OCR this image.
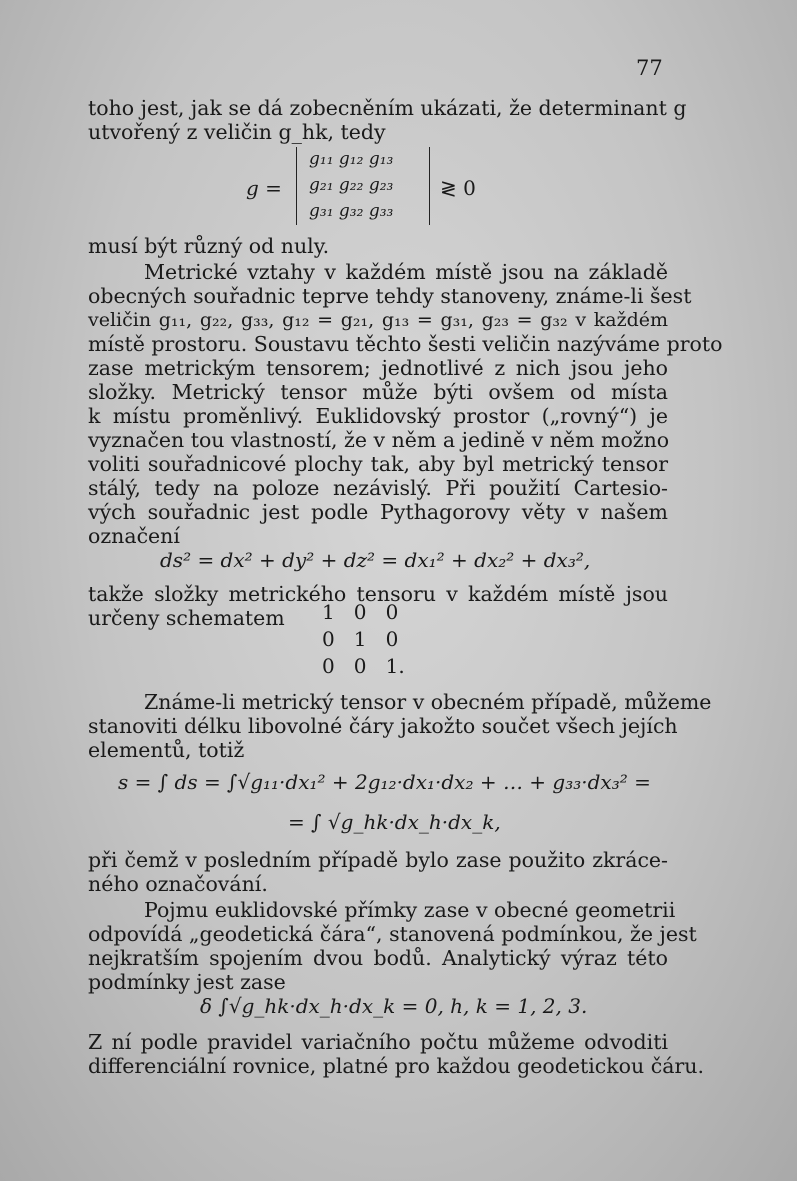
77
toho jest, jak se dá zobecněním ukázati, že determinant g
utvořený z veličin g_hk, tedy
g =
g₁₁ g₁₂ g₁₃
g₂₁ g₂₂ g₂₃
g₃₁ g₃₂ g₃₃
≷ 0
musí být různý od nuly.
Metrické vztahy v každém místě jsou na základě
obecných souřadnic teprve tehdy stanoveny, známe-li šest
veličin g₁₁, g₂₂, g₃₃, g₁₂ = g₂₁, g₁₃ = g₃₁, g₂₃ = g₃₂ v každém
místě prostoru. Soustavu těchto šesti veličin nazýváme proto
zase metrickým tensorem; jednotlivé z nich jsou jeho
složky. Metrický tensor může býti ovšem od místa
k místu proměnlivý. Euklidovský prostor („rovný“) je
vyznačen tou vlastností, že v něm a jedině v něm možno
voliti souřadnicové plochy tak, aby byl metrický tensor
stálý, tedy na poloze nezávislý. Při použití Cartesio-
vých souřadnic jest podle Pythagorovy věty v našem
označení
ds² = dx² + dy² + dz² = dx₁² + dx₂² + dx₃²,
takže složky metrického tensoru v každém místě jsou
určeny schematem	1   0   0
0   1   0
0   0   1.
Známe-li metrický tensor v obecném případě, můžeme
stanoviti délku libovolné čáry jakožto součet všech jejích
elementů, totiž
s = ∫ ds = ∫√g₁₁·dx₁² + 2g₁₂·dx₁·dx₂ + … + g₃₃·dx₃² =
= ∫ √g_hk·dx_h·dx_k,
při čemž v posledním případě bylo zase použito zkráce-
ného označování.
Pojmu euklidovské přímky zase v obecné geometrii
odpovídá „geodetická čára“, stanovená podmínkou, že jest
nejkratším spojením dvou bodů. Analytický výraz této
podmínky jest zase
δ ∫√g_hk·dx_h·dx_k = 0, h, k = 1, 2, 3.
Z ní podle pravidel variačního počtu můžeme odvoditi
differenciální rovnice, platné pro každou geodetickou čáru.
